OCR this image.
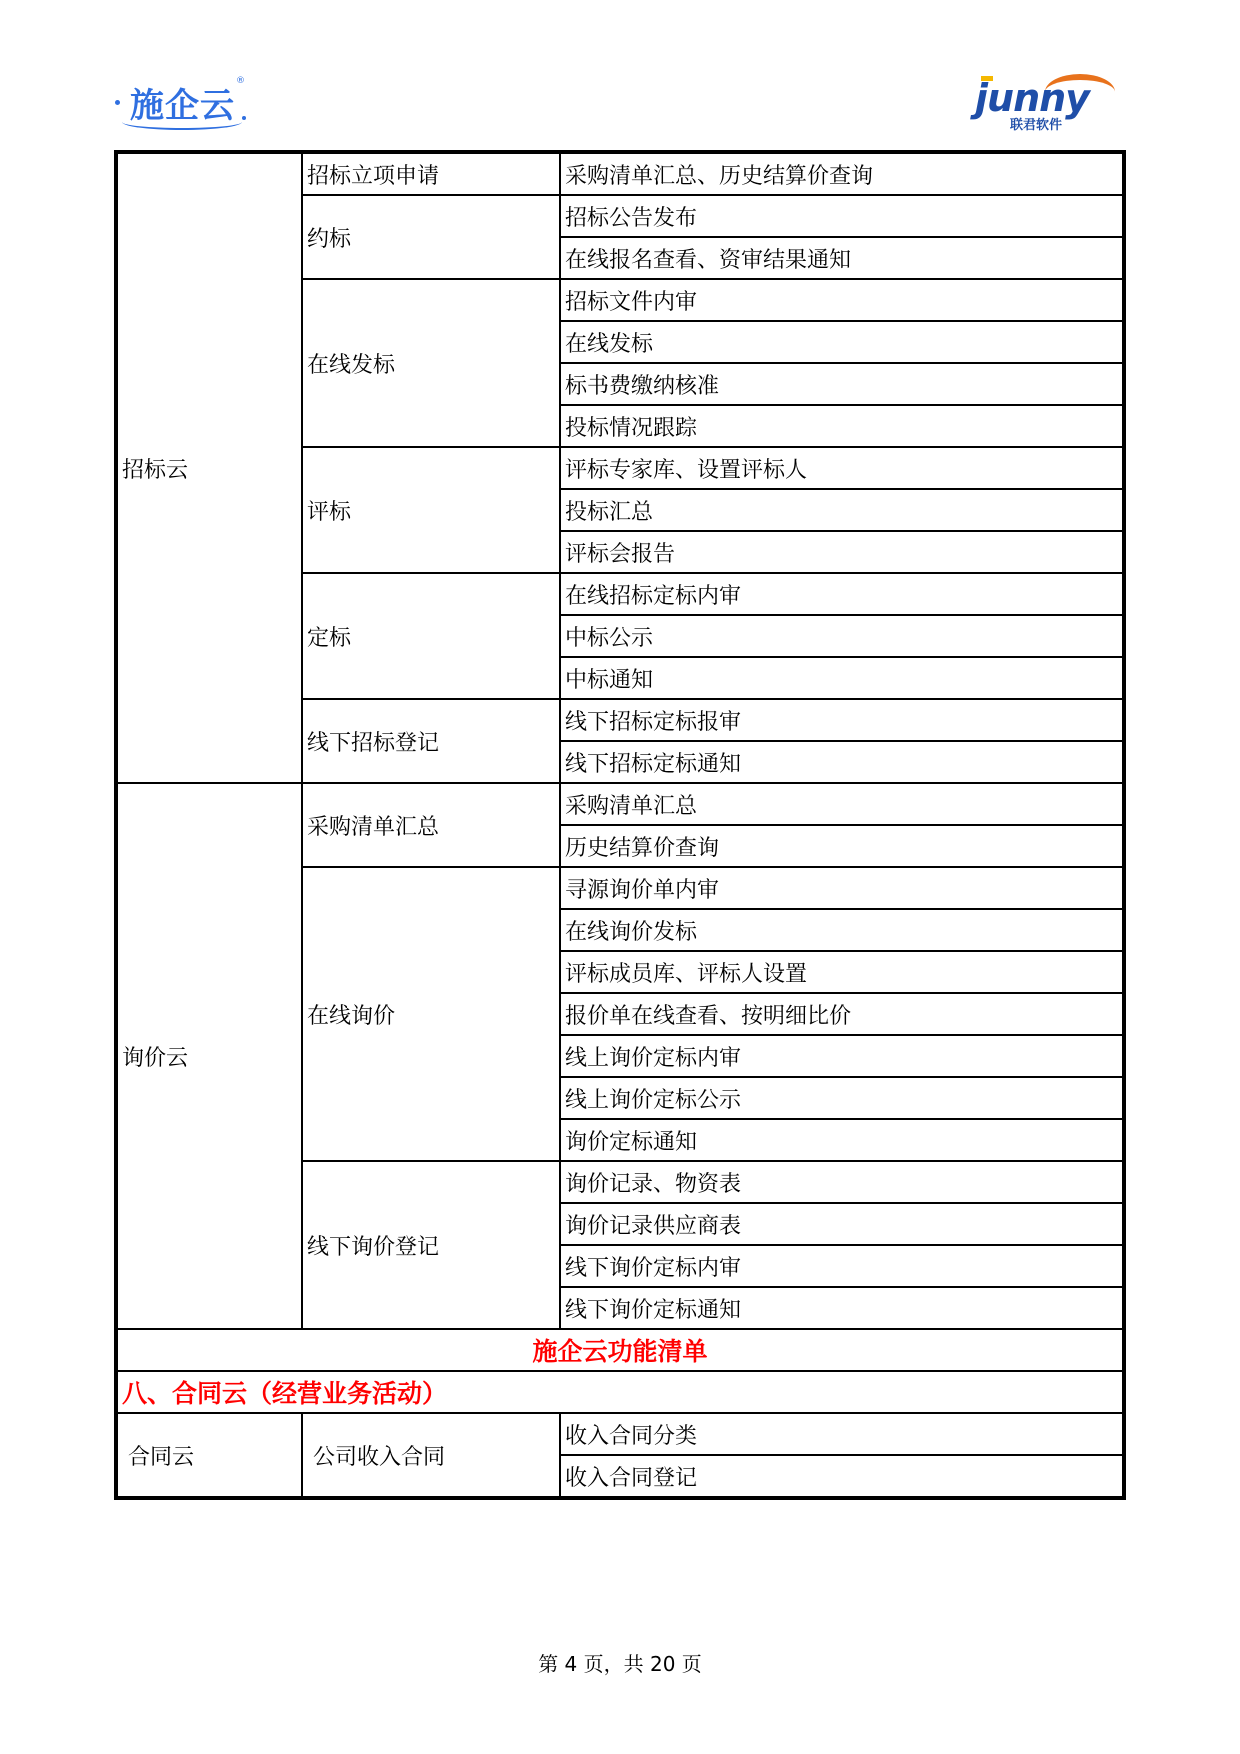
施企云
®	junny
联君软件
招标云	招标立项申请	采购清单汇总、历史结算价查询
	约标	招标公告发布
		在线报名查看、资审结果通知
	在线发标	招标文件内审
		在线发标
		标书费缴纳核准
		投标情况跟踪
	评标	评标专家库、设置评标人
		投标汇总
		评标会报告
	定标	在线招标定标内审
		中标公示
		中标通知
	线下招标登记	线下招标定标报审
		线下招标定标通知
询价云	采购清单汇总	采购清单汇总
		历史结算价查询
	在线询价	寻源询价单内审
		在线询价发标
		评标成员库、评标人设置
		报价单在线查看、按明细比价
		线上询价定标内审
		线上询价定标公示
		询价定标通知
	线下询价登记	询价记录、物资表
		询价记录供应商表
		线下询价定标内审
		线下询价定标通知
施企云功能清单		
八、合同云（经营业务活动）		
合同云	公司收入合同	收入合同分类
		收入合同登记
第 4 页，共 20 页
